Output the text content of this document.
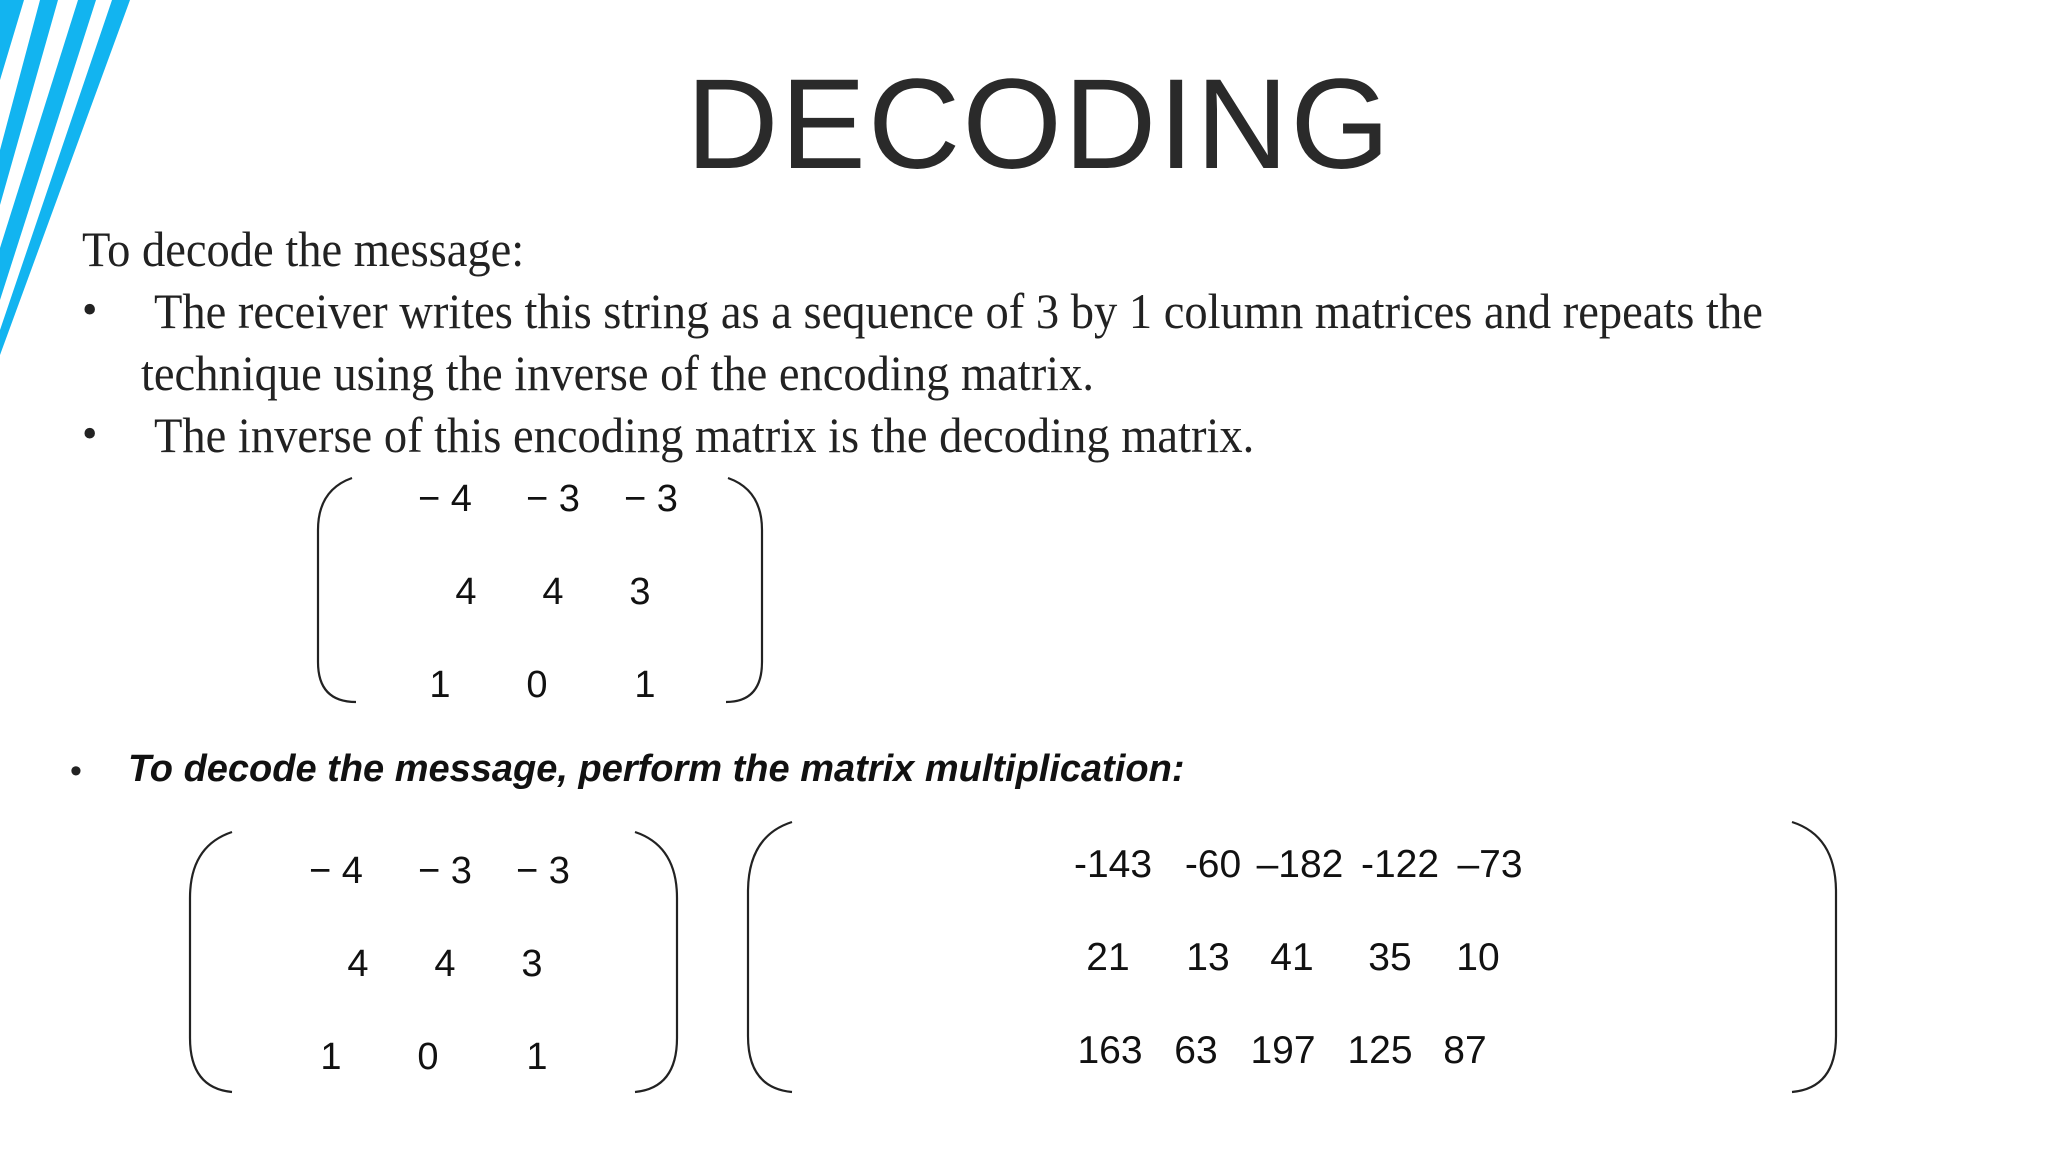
DECODING
To decode the message:
• The receiver writes this string as a sequence of 3 by 1 column matrices and repeats the
technique using the inverse of the encoding matrix.
• The inverse of this encoding matrix is the decoding matrix.
• To decode the message, perform the matrix multiplication:
− 4 − 3 − 3
4 4 3
1 0 1
− 4 − 3 − 3
4 4 3
1 0 1
-143 -60 –182 -122 –73
21 13 41 35 10
163 63 197 125 87
